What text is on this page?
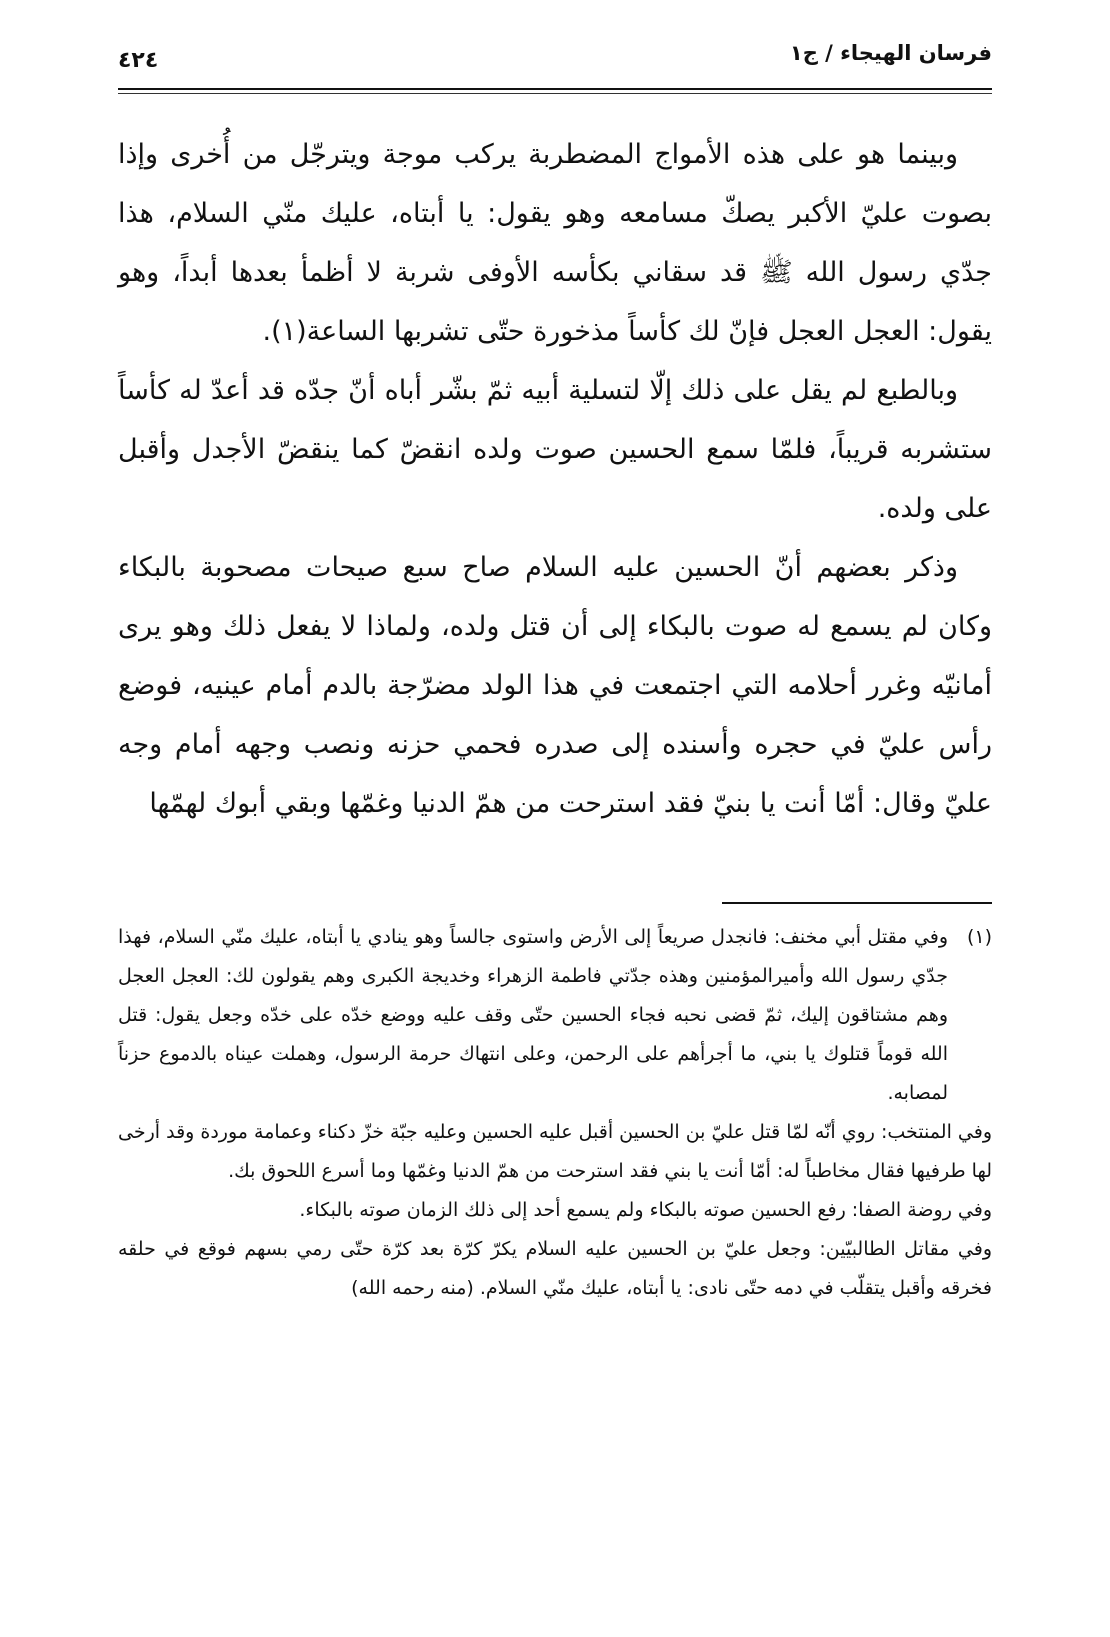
فرسان الهيجاء / ج١
٤٢٤

وبينما هو على هذه الأمواج المضطربة يركب موجة ويترجّل من أُخرى وإذا بصوت عليّ الأكبر يصكّ مسامعه وهو يقول: يا أبتاه، عليك منّي السلام، هذا جدّي رسول الله ﷺ قد سقاني بكأسه الأوفى شربة لا أظمأ بعدها أبداً، وهو يقول: العجل العجل فإنّ لك كأساً مذخورة حتّى تشربها الساعة(١).

وبالطبع لم يقل على ذلك إلّا لتسلية أبيه ثمّ بشّر أباه أنّ جدّه قد أعدّ له كأساً ستشربه قريباً، فلمّا سمع الحسين صوت ولده انقضّ كما ينقضّ الأجدل وأقبل على ولده.

وذكر بعضهم أنّ الحسين عليه السلام صاح سبع صيحات مصحوبة بالبكاء وكان لم يسمع له صوت بالبكاء إلى أن قتل ولده، ولماذا لا يفعل ذلك وهو يرى أمانيّه وغرر أحلامه التي اجتمعت في هذا الولد مضرّجة بالدم أمام عينيه، فوضع رأس عليّ في حجره وأسنده إلى صدره فحمي حزنه ونصب وجهه أمام وجه عليّ وقال: أمّا أنت يا بنيّ فقد استرحت من همّ الدنيا وغمّها وبقي أبوك لهمّها

(١)وفي مقتل أبي مخنف: فانجدل صريعاً إلى الأرض واستوى جالساً وهو ينادي يا أبتاه، عليك منّي السلام، فهذا جدّي رسول الله وأميرالمؤمنين وهذه جدّتي فاطمة الزهراء وخديجة الكبرى وهم يقولون لك: العجل العجل وهم مشتاقون إليك، ثمّ قضى نحبه فجاء الحسين حتّى وقف عليه ووضع خدّه على خدّه وجعل يقول: قتل الله قوماً قتلوك يا بني، ما أجرأهم على الرحمن، وعلى انتهاك حرمة الرسول، وهملت عيناه بالدموع حزناً لمصابه.

وفي المنتخب: روي أنّه لمّا قتل عليّ بن الحسين أقبل عليه الحسين وعليه جبّة خزّ دكناء وعمامة موردة وقد أرخى لها طرفيها فقال مخاطباً له: أمّا أنت يا بني فقد استرحت من همّ الدنيا وغمّها وما أسرع اللحوق بك.

وفي روضة الصفا: رفع الحسين صوته بالبكاء ولم يسمع أحد إلى ذلك الزمان صوته بالبكاء.

وفي مقاتل الطالبيّين: وجعل عليّ بن الحسين عليه السلام يكرّ كرّة بعد كرّة حتّى رمي بسهم فوقع في حلقه فخرقه وأقبل يتقلّب في دمه حتّى نادى: يا أبتاه، عليك منّي السلام. (منه رحمه الله)
